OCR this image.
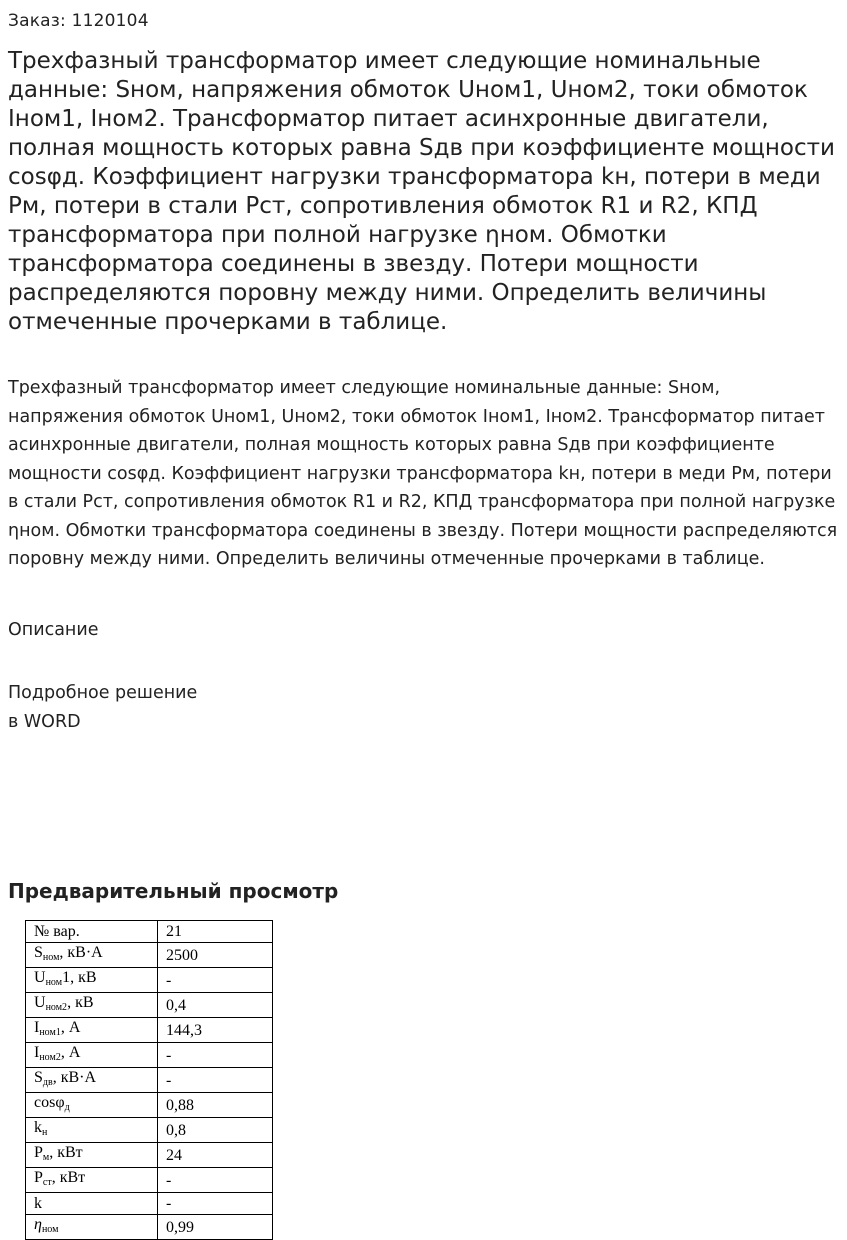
Заказ: 1120104
Трехфазный трансформатор имеет следующие номинальные данные: Sном, напряжения обмоток Uном1, Uном2, токи обмоток Iном1, Iном2. Трансформатор питает асинхронные двигатели, полная мощность которых равна Sдв при коэффициенте мощности cosφд. Коэффициент нагрузки трансформатора kн, потери в меди Pм, потери в стали Pст, сопротивления обмоток R1 и R2, КПД трансформатора при полной нагрузке ηном. Обмотки трансформатора соединены в звезду. Потери мощности распределяются поровну между ними. Определить величины отмеченные прочерками в таблице.

Трехфазный трансформатор имеет следующие номинальные данные: Sном, напряжения обмоток Uном1, Uном2, токи обмоток Iном1, Iном2. Трансформатор питает асинхронные двигатели, полная мощность которых равна Sдв при коэффициенте мощности cosφд. Коэффициент нагрузки трансформатора kн, потери в меди Pм, потери в стали Pст, сопротивления обмоток R1 и R2, КПД трансформатора при полной нагрузке ηном. Обмотки трансформатора соединены в звезду. Потери мощности распределяются поровну между ними. Определить величины отмеченные прочерками в таблице.

Описание
Подробное решение
в WORD
Предварительный просмотр
№ вар.	21
$S_{ном}$, кВ·А	2500
$U_{ном}1$, кВ	-
$U_{ном2}$, кВ	0,4
$I_{ном1}$, А	144,3
$I_{ном2}$, А	-
$S_{дв}$, кВ·А	-
cosφ$_д$	0,88
$k_н$	0,8
$P_м$, кВт	24
$P_{ст}$, кВт	-
k	-
$\eta_{ном}$	0,99
